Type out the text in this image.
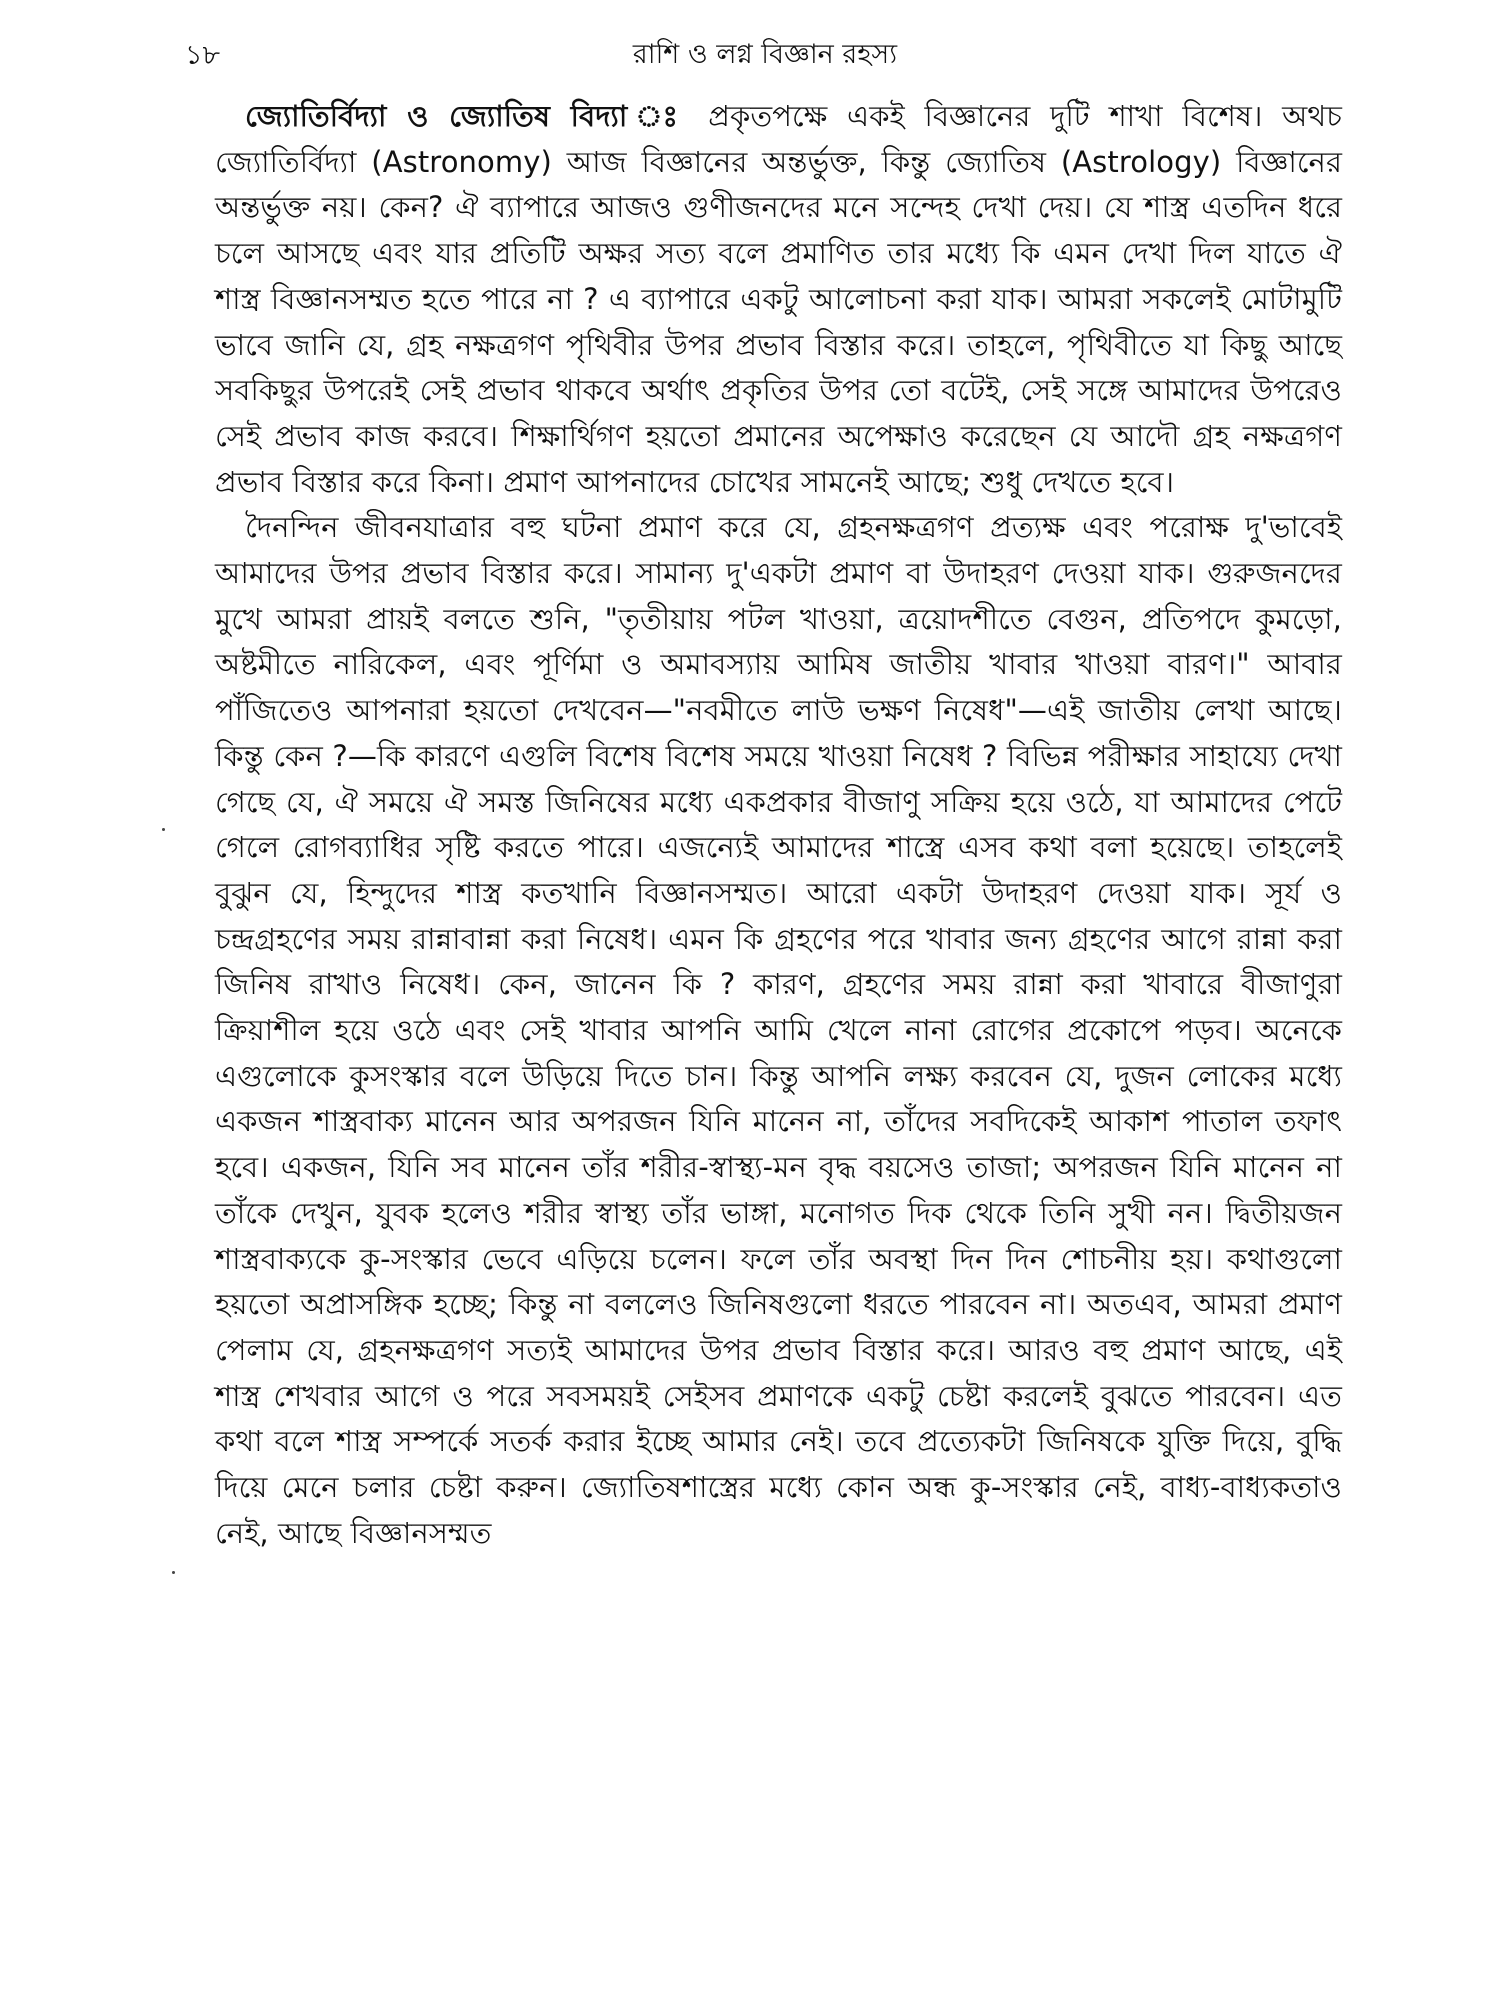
১৮	রাশি ও লগ্ন বিজ্ঞান রহস্য

জ্যোতির্বিদ্যা ও জ্যোতিষ বিদ্যা ঃ প্রকৃতপক্ষে একই বিজ্ঞানের দুটি শাখা বিশেষ। অথচ জ্যোতির্বিদ্যা (Astronomy) আজ বিজ্ঞানের অন্তর্ভুক্ত, কিন্তু জ্যোতিষ (Astrology) বিজ্ঞানের অন্তর্ভুক্ত নয়। কেন? ঐ ব্যাপারে আজও গুণীজনদের মনে সন্দেহ দেখা দেয়। যে শাস্ত্র এতদিন ধরে চলে আসছে এবং যার প্রতিটি অক্ষর সত্য বলে প্রমাণিত তার মধ্যে কি এমন দেখা দিল যাতে ঐ শাস্ত্র বিজ্ঞানসম্মত হতে পারে না ? এ ব্যাপারে একটু আলোচনা করা যাক। আমরা সকলেই মোটামুটি ভাবে জানি যে, গ্রহ নক্ষত্রগণ পৃথিবীর উপর প্রভাব বিস্তার করে। তাহলে, পৃথিবীতে যা কিছু আছে সবকিছুর উপরেই সেই প্রভাব থাকবে অর্থাৎ প্রকৃতির উপর তো বটেই, সেই সঙ্গে আমাদের উপরেও সেই প্রভাব কাজ করবে। শিক্ষার্থিগণ হয়তো প্রমানের অপেক্ষাও করেছেন যে আদৌ গ্রহ নক্ষত্রগণ প্রভাব বিস্তার করে কিনা। প্রমাণ আপনাদের চোখের সামনেই আছে; শুধু দেখতে হবে।

দৈনন্দিন জীবনযাত্রার বহু ঘটনা প্রমাণ করে যে, গ্রহনক্ষত্রগণ প্রত্যক্ষ এবং পরোক্ষ দু'ভাবেই আমাদের উপর প্রভাব বিস্তার করে। সামান্য দু'একটা প্রমাণ বা উদাহরণ দেওয়া যাক। গুরুজনদের মুখে আমরা প্রায়ই বলতে শুনি, "তৃতীয়ায় পটল খাওয়া, ত্রয়োদশীতে বেগুন, প্রতিপদে কুমড়ো, অষ্টমীতে নারিকেল, এবং পূর্ণিমা ও অমাবস্যায় আমিষ জাতীয় খাবার খাওয়া বারণ।" আবার পাঁজিতেও আপনারা হয়তো দেখবেন—"নবমীতে লাউ ভক্ষণ নিষেধ"—এই জাতীয় লেখা আছে। কিন্তু কেন ?—কি কারণে এগুলি বিশেষ বিশেষ সময়ে খাওয়া নিষেধ ? বিভিন্ন পরীক্ষার সাহায্যে দেখা গেছে যে, ঐ সময়ে ঐ সমস্ত জিনিষের মধ্যে একপ্রকার বীজাণু সক্রিয় হয়ে ওঠে, যা আমাদের পেটে গেলে রোগব্যাধির সৃষ্টি করতে পারে। এজন্যেই আমাদের শাস্ত্রে এসব কথা বলা হয়েছে। তাহলেই বুঝুন যে, হিন্দুদের শাস্ত্র কতখানি বিজ্ঞানসম্মত। আরো একটা উদাহরণ দেওয়া যাক। সূর্য ও চন্দ্রগ্রহণের সময় রান্নাবান্না করা নিষেধ। এমন কি গ্রহণের পরে খাবার জন্য গ্রহণের আগে রান্না করা জিনিষ রাখাও নিষেধ। কেন, জানেন কি ? কারণ, গ্রহণের সময় রান্না করা খাবারে বীজাণুরা ক্রিয়াশীল হয়ে ওঠে এবং সেই খাবার আপনি আমি খেলে নানা রোগের প্রকোপে পড়ব। অনেকে এগুলোকে কুসংস্কার বলে উড়িয়ে দিতে চান। কিন্তু আপনি লক্ষ্য করবেন যে, দুজন লোকের মধ্যে একজন শাস্ত্রবাক্য মানেন আর অপরজন যিনি মানেন না, তাঁদের সবদিকেই আকাশ পাতাল তফাৎ হবে। একজন, যিনি সব মানেন তাঁর শরীর-স্বাস্থ্য-মন বৃদ্ধ বয়সেও তাজা; অপরজন যিনি মানেন না তাঁকে দেখুন, যুবক হলেও শরীর স্বাস্থ্য তাঁর ভাঙ্গা, মনোগত দিক থেকে তিনি সুখী নন। দ্বিতীয়জন শাস্ত্রবাক্যকে কু-সংস্কার ভেবে এড়িয়ে চলেন। ফলে তাঁর অবস্থা দিন দিন শোচনীয় হয়। কথাগুলো হয়তো অপ্রাসঙ্গিক হচ্ছে; কিন্তু না বললেও জিনিষগুলো ধরতে পারবেন না। অতএব, আমরা প্রমাণ পেলাম যে, গ্রহনক্ষত্রগণ সত্যই আমাদের উপর প্রভাব বিস্তার করে। আরও বহু প্রমাণ আছে, এই শাস্ত্র শেখবার আগে ও পরে সবসময়ই সেইসব প্রমাণকে একটু চেষ্টা করলেই বুঝতে পারবেন। এত কথা বলে শাস্ত্র সম্পর্কে সতর্ক করার ইচ্ছে আমার নেই। তবে প্রত্যেকটা জিনিষকে যুক্তি দিয়ে, বুদ্ধি দিয়ে মেনে চলার চেষ্টা করুন। জ্যোতিষশাস্ত্রের মধ্যে কোন অন্ধ কু-সংস্কার নেই, বাধ্য-বাধ্যকতাও নেই, আছে বিজ্ঞানসম্মত
